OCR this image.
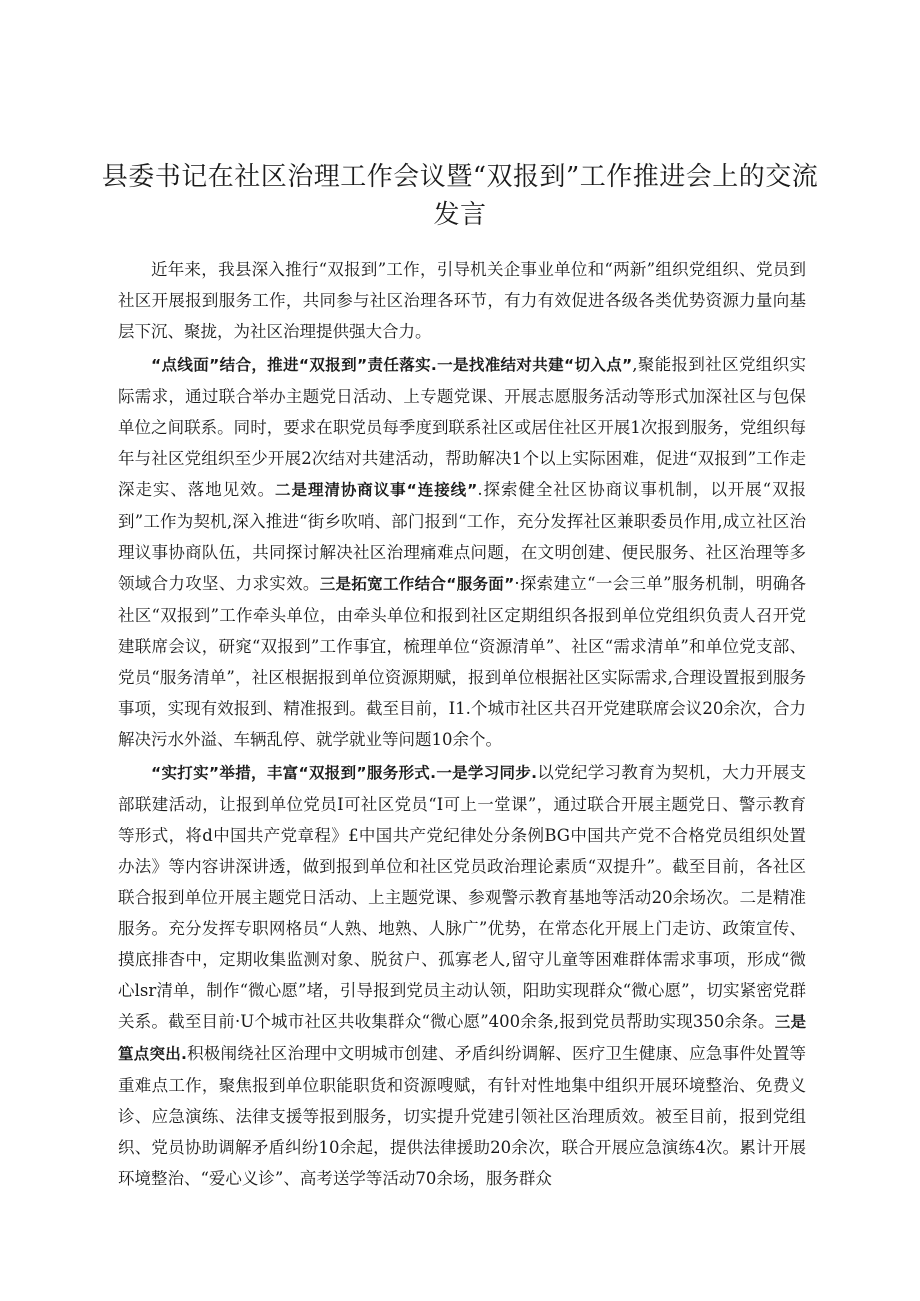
县委书记在社区治理工作会议暨“双报到”工作推进会上的交流发言

近年来，我县深入推行“双报到”工作，引导机关企事业单位和“两新”组织党组织、党员到社区开展报到服务工作，共同参与社区治理各环节，有力有效促进各级各类优势资源力量向基层下沉、聚拢，为社区治理提供强大合力。

“点线面”结合，推进“双报到”责任落实.一是找准结对共建“切入点”,聚能报到社区党组织实际需求，通过联合举办主题党日活动、上专题党课、开展志愿服务活动等形式加深社区与包保单位之间联系。同时，要求在职党员每季度到联系社区或居住社区开展1次报到服务，党组织每年与社区党组织至少开展2次结对共建活动，帮助解决1个以上实际困难，促进“双报到”工作走深走实、落地见效。二是理清协商议事“连接线”.探索健全社区协商议事机制，以开展“双报到”工作为契机,深入推进“街乡吹哨、部门报到“工作，充分发挥社区兼职委员作用,成立社区治理议事协商队伍，共同探讨解决社区治理痛难点问题，在文明创建、便民服务、社区治理等多领域合力攻坚、力求实效。三是拓宽工作结合“服务面”·探索建立“一会三单”服务机制，明确各社区“双报到”工作牵头单位，由牵头单位和报到社区定期组织各报到单位党组织负责人召开党建联席会议，研窕“双报到”工作事宜，梳理单位“资源清单”、社区“需求清单”和单位党支部、党员“服务清单”，社区根据报到单位资源期赋，报到单位根据社区实际需求,合理设置报到服务事项，实现有效报到、精准报到。截至目前，I1.个城市社区共召开党建联席会议20余次，合力解决污水外溢、车辆乱停、就学就业等问题10余个。

“实打实”举措，丰富“双报到”服务形式.一是学习同步.以党纪学习教育为契机，大力开展支部联建活动，让报到单位党员I可社区党员“I可上一堂课”，通过联合开展主题党日、警示教育等形式，将d中国共产党章程》£中国共产党纪律处分条例BG中国共产党不合格党员组织处置办法》等内容讲深讲透，做到报到单位和社区党员政治理论素质“双提升”。截至目前，各社区联合报到单位开展主题党日活动、上主题党课、参观警示教育基地等活动20余场次。二是精准服务。充分发挥专职网格员“人熟、地熟、人脉广”优势，在常态化开展上门走访、政策宣传、摸底排杳中，定期收集监测对象、脱贫户、孤寡老人,留守儿童等困难群体需求事项，形成“微心lsr清单，制作“微心愿”堵，引导报到党员主动认领，阳助实现群众“微心愿”，切实紧密党群关系。截至目前·U个城市社区共收集群众“微心愿”400余条,报到党员帮助实现350余条。三是篁点突出.积极闱绕社区治理中文明城市创建、矛盾纠纷调解、医疗卫生健康、应急事件处置等重难点工作，聚焦报到单位职能职货和资源嗖赋，有针对性地集中组织开展环境整治、免费义诊、应急演练、法律支援等报到服务，切实提升党建引领社区治理质效。被至目前，报到党组织、党员协助调解矛盾纠纷10余起，提供法律援助20余次，联合开展应急演练4次。累计开展环境整治、“爱心义诊”、高考送学等活动70余场，服务群众
